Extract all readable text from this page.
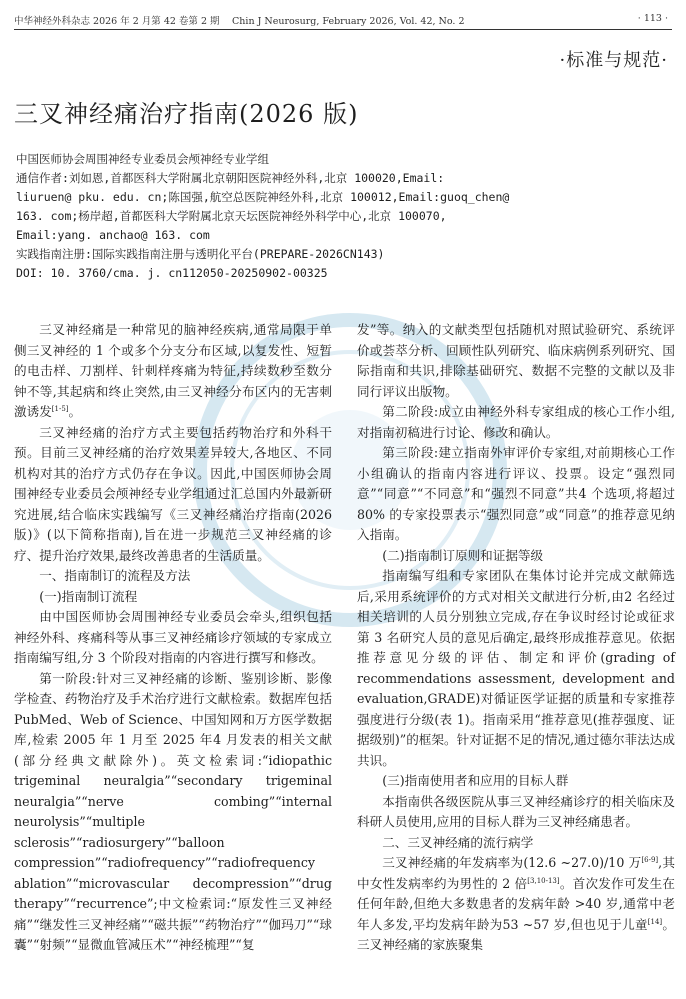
中华神经外科杂志 2026 年 2 月第 42 卷第 2 期 　Chin J Neurosurg, February 2026, Vol. 42, No. 2	· 113 ·
·标准与规范·
三叉神经痛治疗指南(2026 版)

中国医师协会周围神经专业委员会颅神经专业学组

通信作者:刘如恩,首都医科大学附属北京朝阳医院神经外科,北京 100020,Email:

liuruen@ pku. edu. cn;陈国强,航空总医院神经外科,北京 100012,Email:guoq_chen@

163. com;杨岸超,首都医科大学附属北京天坛医院神经外科学中心,北京 100070,

Email:yang. anchao@ 163. com

实践指南注册:国际实践指南注册与透明化平台(PREPARE-2026CN143)

DOI: 10. 3760/cma. j. cn112050-20250902-00325

三叉神经痛是一种常见的脑神经疾病,通常局限于单侧三叉神经的 1 个或多个分支分布区域,以复发性、短暂的电击样、刀割样、针刺样疼痛为特征,持续数秒至数分钟不等,其起病和终止突然,由三叉神经分布区内的无害刺激诱发[1-5]。

三叉神经痛的治疗方式主要包括药物治疗和外科干预。目前三叉神经痛的治疗效果差异较大,各地区、不同机构对其的治疗方式仍存在争议。因此,中国医师协会周围神经专业委员会颅神经专业学组通过汇总国内外最新研究进展,结合临床实践编写《三叉神经痛治疗指南(2026 版)》(以下简称指南),旨在进一步规范三叉神经痛的诊疗、提升治疗效果,最终改善患者的生活质量。

一、指南制订的流程及方法

(一)指南制订流程

由中国医师协会周围神经专业委员会牵头,组织包括神经外科、疼痛科等从事三叉神经痛诊疗领域的专家成立指南编写组,分 3 个阶段对指南的内容进行撰写和修改。

第一阶段:针对三叉神经痛的诊断、鉴别诊断、影像学检查、药物治疗及手术治疗进行文献检索。数据库包括 PubMed、Web of Science、中国知网和万方医学数据库,检索 2005 年 1 月至 2025 年4 月发表的相关文献(部分经典文献除外)。英文检索词:“idiopathic trigeminal neuralgia”“secondary trigeminal neuralgia”“nerve combing”“internal neurolysis”“multiple sclerosis”“radiosurgery”“balloon compression”“radiofrequency”“radiofrequency ablation”“microvascular decompression”“drug therapy”“recurrence”;中文检索词:“原发性三叉神经痛”“继发性三叉神经痛”“磁共振”“药物治疗”“伽玛刀”“球囊”“射频”“显微血管减压术”“神经梳理”“复

发”等。纳入的文献类型包括随机对照试验研究、系统评价或荟萃分析、回顾性队列研究、临床病例系列研究、国际指南和共识,排除基础研究、数据不完整的文献以及非同行评议出版物。

第二阶段:成立由神经外科专家组成的核心工作小组,对指南初稿进行讨论、修改和确认。

第三阶段:建立指南外审评价专家组,对前期核心工作小组确认的指南内容进行评议、投票。设定“强烈同意”“同意”“不同意”和“强烈不同意”共4 个选项,将超过 80% 的专家投票表示“强烈同意”或“同意”的推荐意见纳入指南。

(二)指南制订原则和证据等级

指南编写组和专家团队在集体讨论并完成文献筛选后,采用系统评价的方式对相关文献进行分析,由2 名经过相关培训的人员分别独立完成,存在争议时经讨论或征求第 3 名研究人员的意见后确定,最终形成推荐意见。依据推荐意见分级的评估、制定和评价(grading of recommendations assessment, development and evaluation,GRADE)对循证医学证据的质量和专家推荐强度进行分级(表 1)。指南采用“推荐意见(推荐强度、证据级别)”的框架。针对证据不足的情况,通过德尔菲法达成共识。

(三)指南使用者和应用的目标人群

本指南供各级医院从事三叉神经痛诊疗的相关临床及科研人员使用,应用的目标人群为三叉神经痛患者。

二、三叉神经痛的流行病学

三叉神经痛的年发病率为(12.6 ~27.0)/10 万[6-9],其中女性发病率约为男性的 2 倍[3,10-13]。首次发作可发生在任何年龄,但绝大多数患者的发病年龄 >40 岁,通常中老年人多发,平均发病年龄为53 ~57 岁,但也见于儿童[14]。三叉神经痛的家族聚集
